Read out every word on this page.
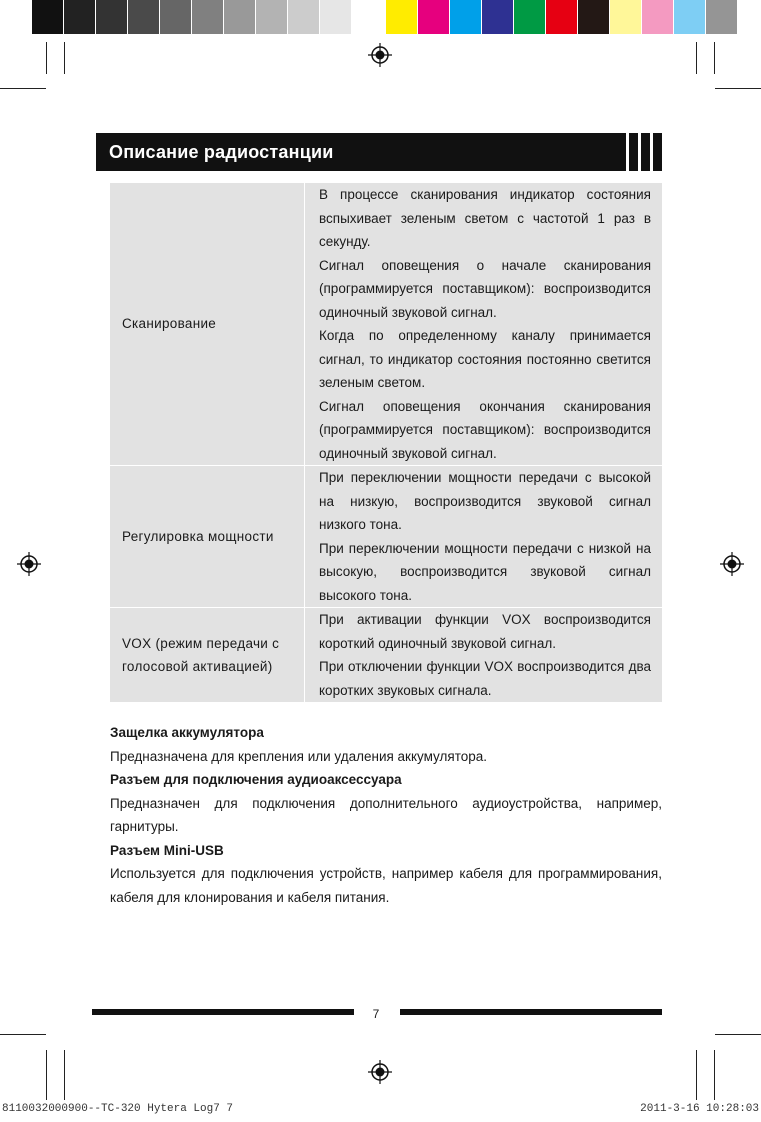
Описание радиостанции
Сканирование	В процессе сканирования индикатор состояния вспыхивает зеленым светом с частотой 1 раз в секунду.

Сигнал оповещения о начале сканирования (программируется поставщиком): воспроизводится одиночный звуковой сигнал.

Когда по определенному каналу принимается сигнал, то индикатор состояния постоянно светится зеленым светом.

Сигнал оповещения окончания сканирования (программируется поставщиком): воспроизводится одиночный звуковой сигнал.

Регулировка мощности	При переключении мощности передачи с высокой на низкую, воспроизводится звуковой сигнал низкого тона.

При переключении мощности передачи с низкой на высокую, воспроизводится звуковой сигнал высокого тона.

VOX (режим передачи с голосовой активацией)	При активации функции VOX воспроизводится короткий одиночный звуковой сигнал.

При отключении функции VOX воспроизводится два коротких звуковых сигнала.

Защелка аккумулятора

Предназначена для крепления или удаления аккумулятора.

Разъем для подключения аудиоаксессуара

Предназначен для подключения дополнительного аудиоустройства, например, гарнитуры.

Разъем Mini-USB

Используется для подключения устройств, например кабеля для программирования, кабеля для клонирования и кабеля питания.

7
8110032000900--TC-320 Hytera Log7 7	2011-3-16 10:28:03
